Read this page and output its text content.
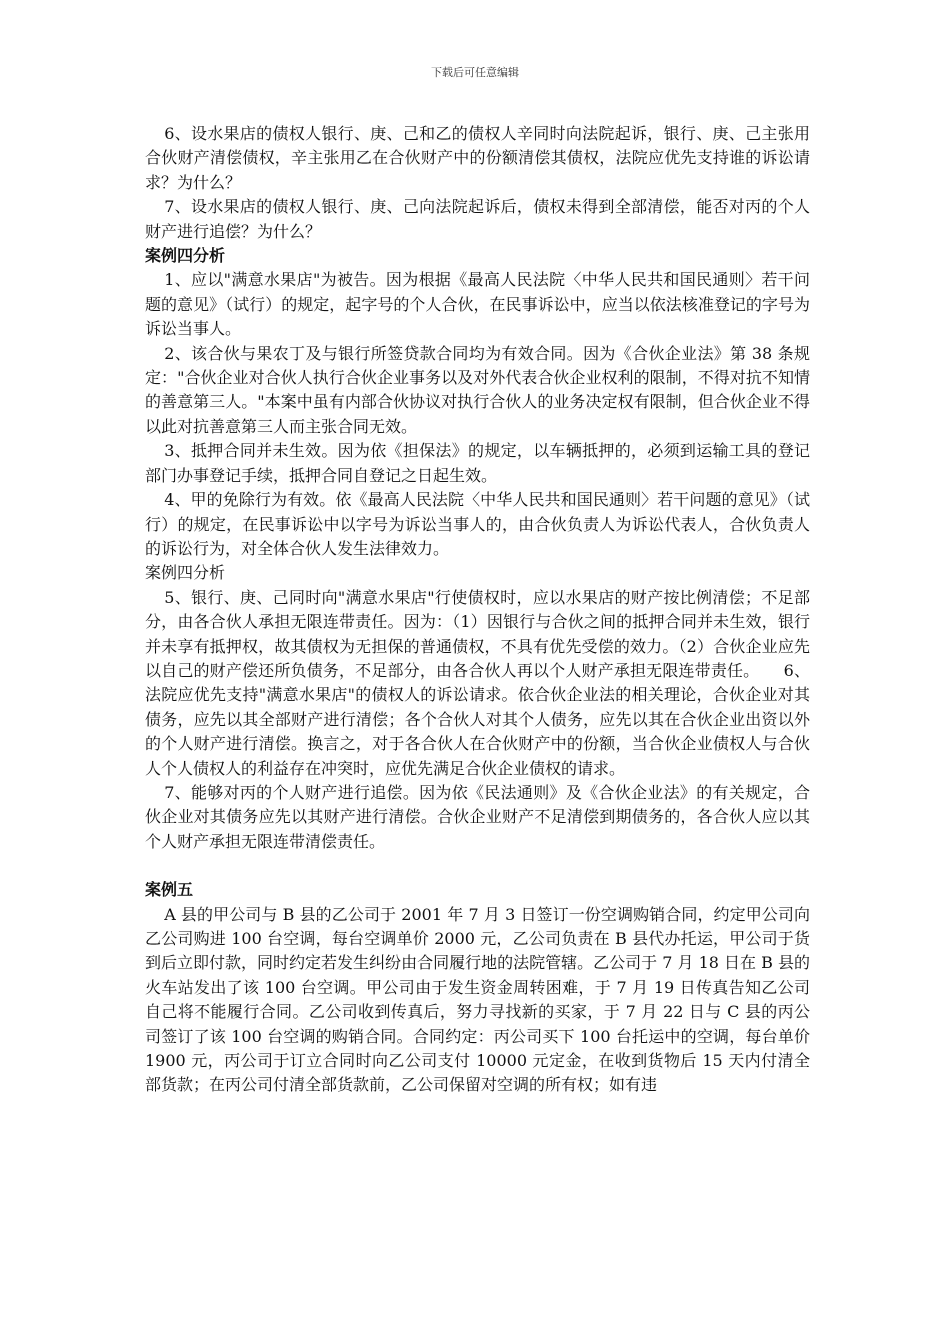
下载后可任意编辑

6、设水果店的债权人银行、庚、己和乙的债权人辛同时向法院起诉，银行、庚、己主张用合伙财产清偿债权，辛主张用乙在合伙财产中的份额清偿其债权，法院应优先支持谁的诉讼请求？为什么？

7、设水果店的债权人银行、庚、己向法院起诉后，债权未得到全部清偿，能否对丙的个人财产进行追偿？为什么？

案例四分析

1、应以"满意水果店"为被告。因为根据《最高人民法院〈中华人民共和国民通则〉若干问题的意见》（试行）的规定，起字号的个人合伙，在民事诉讼中，应当以依法核准登记的字号为诉讼当事人。

2、该合伙与果农丁及与银行所签贷款合同均为有效合同。因为《合伙企业法》第 38 条规定："合伙企业对合伙人执行合伙企业事务以及对外代表合伙企业权利的限制，不得对抗不知情的善意第三人。"本案中虽有内部合伙协议对执行合伙人的业务决定权有限制，但合伙企业不得以此对抗善意第三人而主张合同无效。

3、抵押合同并未生效。因为依《担保法》的规定，以车辆抵押的，必须到运输工具的登记部门办事登记手续，抵押合同自登记之日起生效。

4、甲的免除行为有效。依《最高人民法院〈中华人民共和国民通则〉若干问题的意见》（试行）的规定，在民事诉讼中以字号为诉讼当事人的，由合伙负责人为诉讼代表人，合伙负责人的诉讼行为，对全体合伙人发生法律效力。

案例四分析

5、银行、庚、己同时向"满意水果店"行使债权时，应以水果店的财产按比例清偿；不足部分，由各合伙人承担无限连带责任。因为：（1）因银行与合伙之间的抵押合同并未生效，银行并未享有抵押权，故其债权为无担保的普通债权，不具有优先受偿的效力。（2）合伙企业应先以自己的财产偿还所负债务，不足部分，由各合伙人再以个人财产承担无限连带责任。　　6、法院应优先支持"满意水果店"的债权人的诉讼请求。依合伙企业法的相关理论，合伙企业对其债务，应先以其全部财产进行清偿；各个合伙人对其个人债务，应先以其在合伙企业出资以外的个人财产进行清偿。换言之，对于各合伙人在合伙财产中的份额，当合伙企业债权人与合伙人个人债权人的利益存在冲突时，应优先满足合伙企业债权的请求。

7、能够对丙的个人财产进行追偿。因为依《民法通则》及《合伙企业法》的有关规定，合伙企业对其债务应先以其财产进行清偿。合伙企业财产不足清偿到期债务的，各合伙人应以其个人财产承担无限连带清偿责任。

案例五

A 县的甲公司与 B 县的乙公司于 2001 年 7 月 3 日签订一份空调购销合同，约定甲公司向乙公司购进 100 台空调，每台空调单价 2000 元，乙公司负责在 B 县代办托运，甲公司于货到后立即付款，同时约定若发生纠纷由合同履行地的法院管辖。乙公司于 7 月 18 日在 B 县的火车站发出了该 100 台空调。甲公司由于发生资金周转困难，于 7 月 19 日传真告知乙公司自己将不能履行合同。乙公司收到传真后，努力寻找新的买家，于 7 月 22 日与 C 县的丙公司签订了该 100 台空调的购销合同。合同约定：丙公司买下 100 台托运中的空调，每台单价 1900 元，丙公司于订立合同时向乙公司支付 10000 元定金，在收到货物后 15 天内付清全部货款；在丙公司付清全部货款前，乙公司保留对空调的所有权；如有违
